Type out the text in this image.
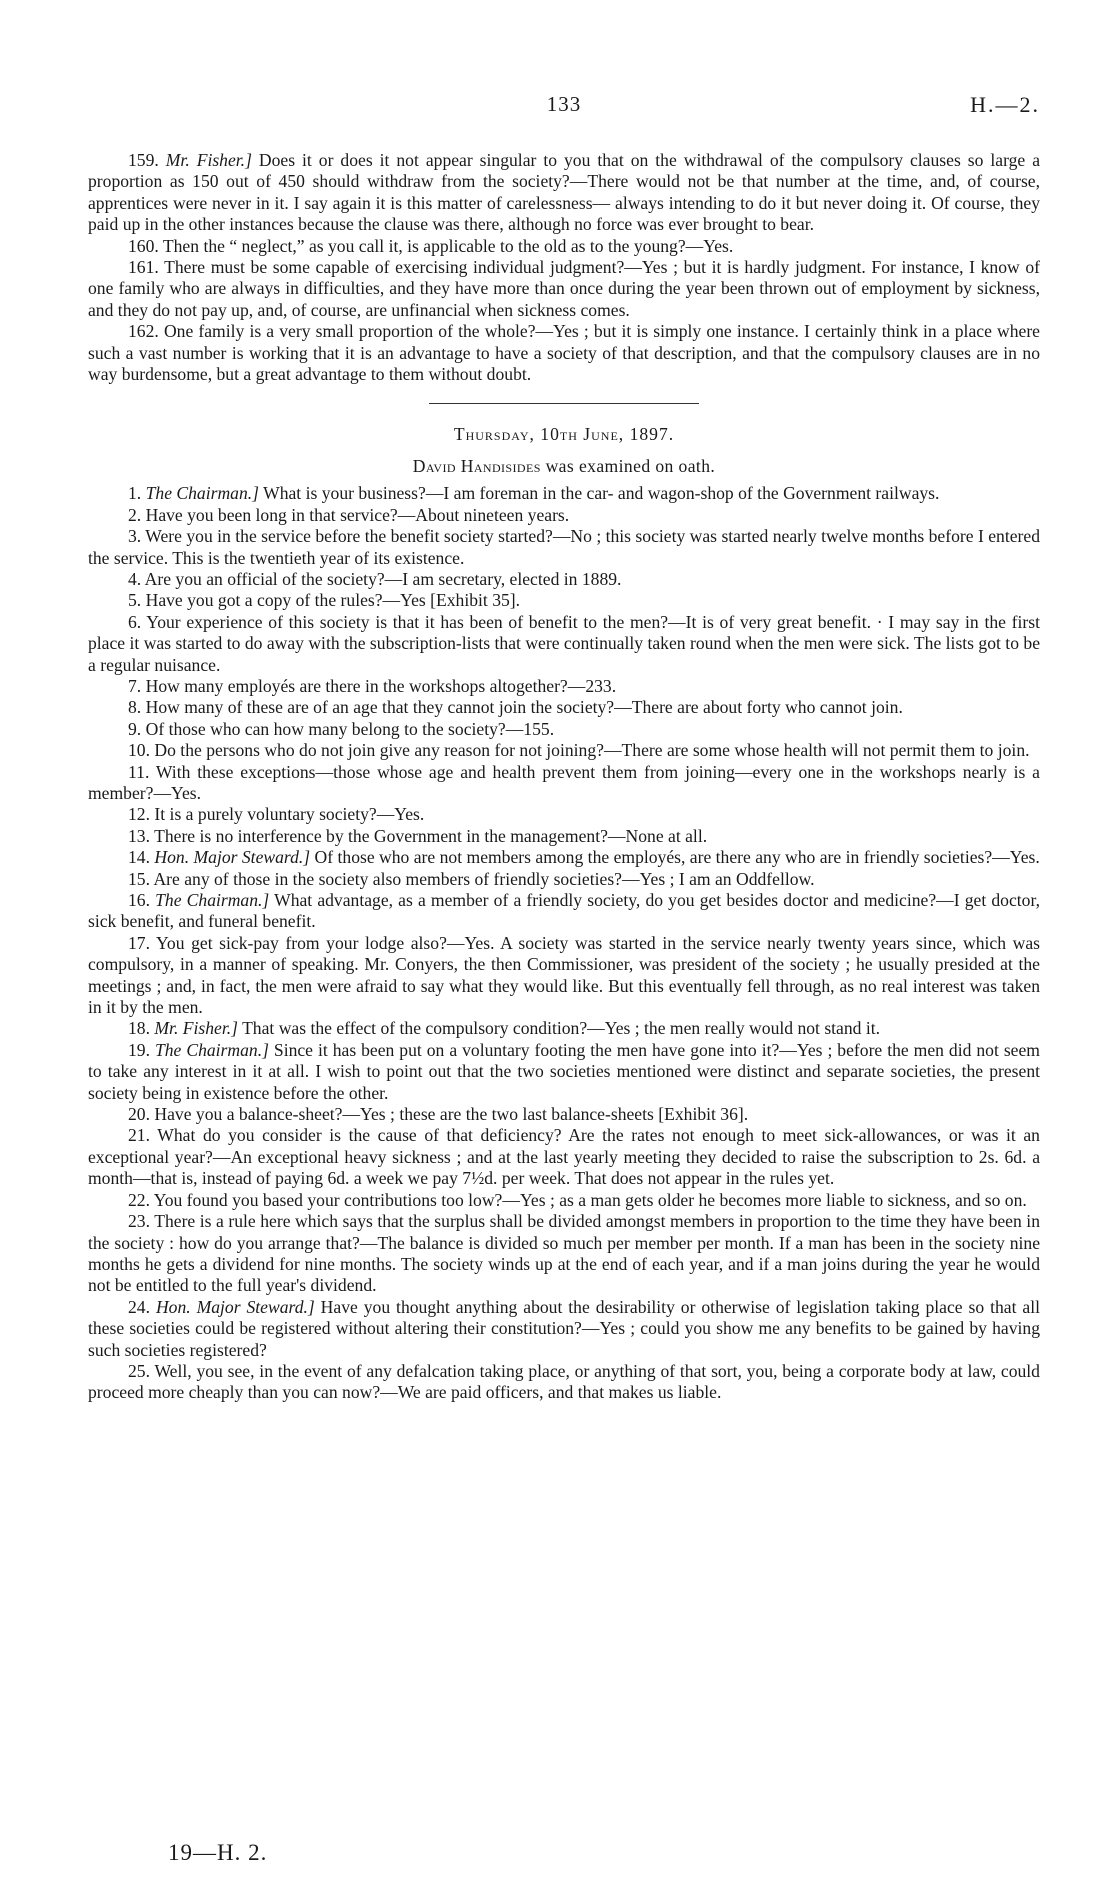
133	H.—2.

159. Mr. Fisher.] Does it or does it not appear singular to you that on the withdrawal of the compulsory clauses so large a proportion as 150 out of 450 should withdraw from the society?—There would not be that number at the time, and, of course, apprentices were never in it. I say again it is this matter of carelessness— always intending to do it but never doing it. Of course, they paid up in the other instances because the clause was there, although no force was ever brought to bear.

160. Then the “ neglect,” as you call it, is applicable to the old as to the young?—Yes.

161. There must be some capable of exercising individual judgment?—Yes ; but it is hardly judgment. For instance, I know of one family who are always in difficulties, and they have more than once during the year been thrown out of employment by sickness, and they do not pay up, and, of course, are unfinancial when sickness comes.

162. One family is a very small proportion of the whole?—Yes ; but it is simply one instance. I certainly think in a place where such a vast number is working that it is an advantage to have a society of that description, and that the compulsory clauses are in no way burdensome, but a great advantage to them without doubt.

Thursday, 10th June, 1897.
David Handisides was examined on oath.

1. The Chairman.] What is your business?—I am foreman in the car- and wagon-shop of the Government railways.

2. Have you been long in that service?—About nineteen years.

3. Were you in the service before the benefit society started?—No ; this society was started nearly twelve months before I entered the service. This is the twentieth year of its existence.

4. Are you an official of the society?—I am secretary, elected in 1889.

5. Have you got a copy of the rules?—Yes [Exhibit 35].

6. Your experience of this society is that it has been of benefit to the men?—It is of very great benefit. · I may say in the first place it was started to do away with the subscription-lists that were continually taken round when the men were sick. The lists got to be a regular nuisance.

7. How many employés are there in the workshops altogether?—233.

8. How many of these are of an age that they cannot join the society?—There are about forty who cannot join.

9. Of those who can how many belong to the society?—155.

10. Do the persons who do not join give any reason for not joining?—There are some whose health will not permit them to join.

11. With these exceptions—those whose age and health prevent them from joining—every one in the workshops nearly is a member?—Yes.

12. It is a purely voluntary society?—Yes.

13. There is no interference by the Government in the management?—None at all.

14. Hon. Major Steward.] Of those who are not members among the employés, are there any who are in friendly societies?—Yes.

15. Are any of those in the society also members of friendly societies?—Yes ; I am an Oddfellow.

16. The Chairman.] What advantage, as a member of a friendly society, do you get besides doctor and medicine?—I get doctor, sick benefit, and funeral benefit.

17. You get sick-pay from your lodge also?—Yes. A society was started in the service nearly twenty years since, which was compulsory, in a manner of speaking. Mr. Conyers, the then Commissioner, was president of the society ; he usually presided at the meetings ; and, in fact, the men were afraid to say what they would like. But this eventually fell through, as no real interest was taken in it by the men.

18. Mr. Fisher.] That was the effect of the compulsory condition?—Yes ; the men really would not stand it.

19. The Chairman.] Since it has been put on a voluntary footing the men have gone into it?—Yes ; before the men did not seem to take any interest in it at all. I wish to point out that the two societies mentioned were distinct and separate societies, the present society being in existence before the other.

20. Have you a balance-sheet?—Yes ; these are the two last balance-sheets [Exhibit 36].

21. What do you consider is the cause of that deficiency? Are the rates not enough to meet sick-allowances, or was it an exceptional year?—An exceptional heavy sickness ; and at the last yearly meeting they decided to raise the subscription to 2s. 6d. a month—that is, instead of paying 6d. a week we pay 7½d. per week. That does not appear in the rules yet.

22. You found you based your contributions too low?—Yes ; as a man gets older he becomes more liable to sickness, and so on.

23. There is a rule here which says that the surplus shall be divided amongst members in proportion to the time they have been in the society : how do you arrange that?—The balance is divided so much per member per month. If a man has been in the society nine months he gets a dividend for nine months. The society winds up at the end of each year, and if a man joins during the year he would not be entitled to the full year's dividend.

24. Hon. Major Steward.] Have you thought anything about the desirability or otherwise of legislation taking place so that all these societies could be registered without altering their constitution?—Yes ; could you show me any benefits to be gained by having such societies registered?

25. Well, you see, in the event of any defalcation taking place, or anything of that sort, you, being a corporate body at law, could proceed more cheaply than you can now?—We are paid officers, and that makes us liable.

19—H. 2.
